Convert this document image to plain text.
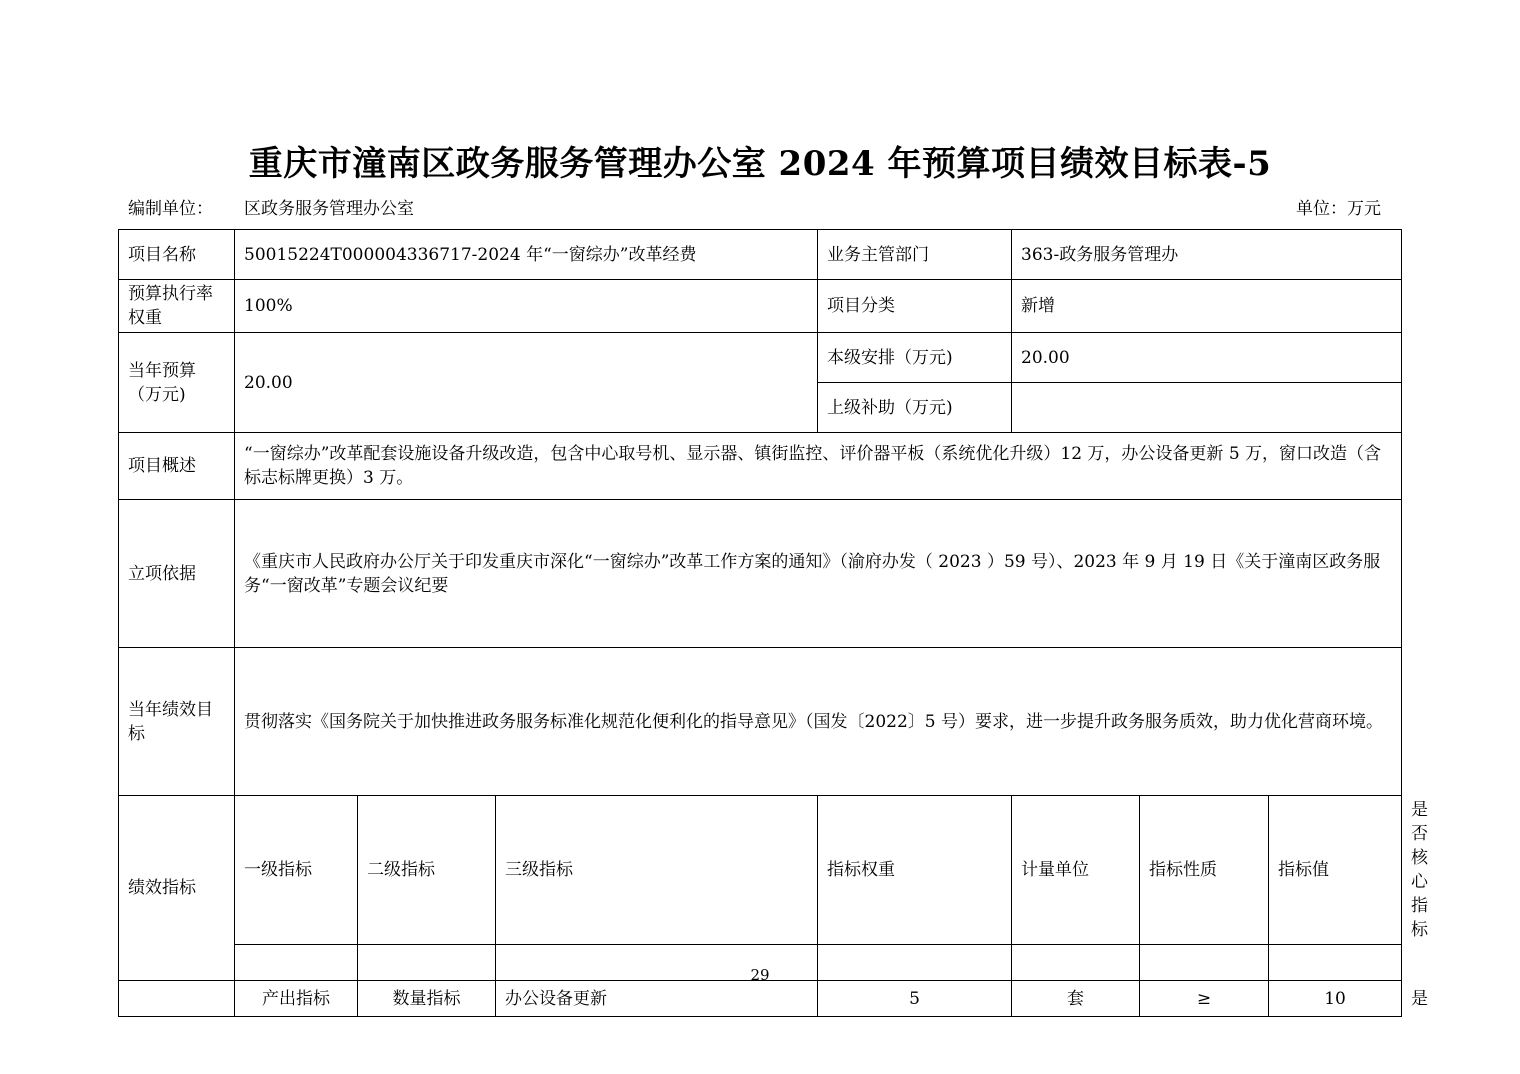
重庆市潼南区政务服务管理办公室 2024 年预算项目绩效目标表-5
编制单位： 区政务服务管理办公室	单位：万元
项目名称	50015224T000004336717-2024 年“一窗综办”改革经费			业务主管部门	363-政务服务管理办			
预算执行率权重	100%			项目分类	新增			
当年预算（万元)	20.00			本级安排（万元)	20.00			
				上级补助（万元)				
项目概述	“一窗综办”改革配套设施设备升级改造，包含中心取号机、显示器、镇街监控、评价器平板（系统优化升级）12 万，办公设备更新 5 万，窗口改造（含标志标牌更换）3 万。							
立项依据	《重庆市人民政府办公厅关于印发重庆市深化“一窗综办”改革工作方案的通知》（渝府办发（ 2023 ）59 号）、2023 年 9 月 19 日《关于潼南区政务服务“一窗改革”专题会议纪要							
当年绩效目标	贯彻落实《国务院关于加快推进政务服务标准化规范化便利化的指导意见》（国发〔2022〕5 号）要求，进一步提升政务服务质效，助力优化营商环境。							
绩效指标	一级指标	二级指标	三级指标	指标权重	计量单位	指标性质	指标值	是否核心指标

	产出指标	数量指标	办公设备更新	5	套	≥	10	是
29
